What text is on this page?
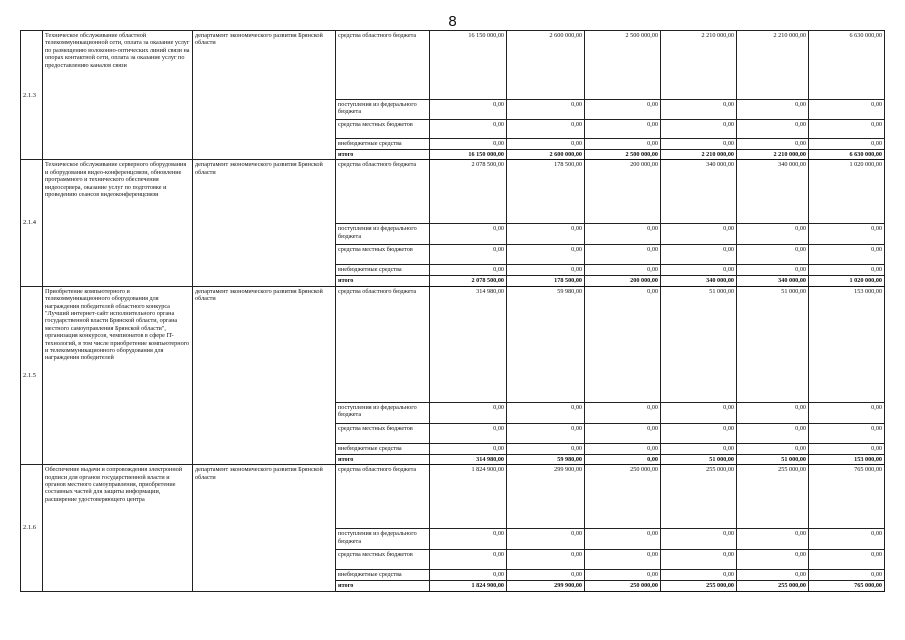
8
2.1.3	Техническое обслуживание областной телекоммуникационной сети, оплата за оказание услуг по размещению волоконно-оптических линий связи на опорах контактной сети, оплата за оказание услуг по предоставлению каналов связи	департамент экономического развития Брянской области	средства областного бюджета	16 150 000,00	2 600 000,00	2 500 000,00	2 210 000,00	2 210 000,00	6 630 000,00
			поступления из федерального бюджета	0,00	0,00	0,00	0,00	0,00	0,00
			средства местных бюджетов	0,00	0,00	0,00	0,00	0,00	0,00
			внебюджетные средства	0,00	0,00	0,00	0,00	0,00	0,00
			итого	16 150 000,00	2 600 000,00	2 500 000,00	2 210 000,00	2 210 000,00	6 630 000,00
2.1.4	Техническое обслуживание серверного оборудования и оборудования видео-конференцсвязи, обновление программного и технического обеспечения видеосервера, оказание услуг по подготовке и проведению сеансов видеоконференцсвязи	департамент экономического развития Брянской области	средства областного бюджета	2 078 500,00	178 500,00	200 000,00	340 000,00	340 000,00	1 020 000,00
			поступления из федерального бюджета	0,00	0,00	0,00	0,00	0,00	0,00
			средства местных бюджетов	0,00	0,00	0,00	0,00	0,00	0,00
			внебюджетные средства	0,00	0,00	0,00	0,00	0,00	0,00
			итого	2 078 500,00	178 500,00	200 000,00	340 000,00	340 000,00	1 020 000,00
2.1.5	Приобретение компьютерного и телекоммуникационного оборудования для награждения победителей областного конкурса "Лучший интернет-сайт исполнительного органа государственной власти Брянской области, органа местного самоуправления Брянской области", организация конкурсов, чемпионатов в сфере IT- технологий, в том числе приобретение компьютерного и телекоммуникационного оборудования для награждения победителей	департамент экономического развития Брянской области	средства областного бюджета	314 980,00	59 980,00	0,00	51 000,00	51 000,00	153 000,00
			поступления из федерального бюджета	0,00	0,00	0,00	0,00	0,00	0,00
			средства местных бюджетов	0,00	0,00	0,00	0,00	0,00	0,00
			внебюджетные средства	0,00	0,00	0,00	0,00	0,00	0,00
			итого	314 980,00	59 980,00	0,00	51 000,00	51 000,00	153 000,00
2.1.6	Обеспечение выдачи и сопровождения электронной подписи для органов государственной власти и органов местного самоуправления, приобретение составных частей для защиты информации, расширение удостоверяющего центра	департамент экономического развития Брянской области	средства областного бюджета	1 824 900,00	299 900,00	250 000,00	255 000,00	255 000,00	765 000,00
			поступления из федерального бюджета	0,00	0,00	0,00	0,00	0,00	0,00
			средства местных бюджетов	0,00	0,00	0,00	0,00	0,00	0,00
			внебюджетные средства	0,00	0,00	0,00	0,00	0,00	0,00
			итого	1 824 900,00	299 900,00	250 000,00	255 000,00	255 000,00	765 000,00
